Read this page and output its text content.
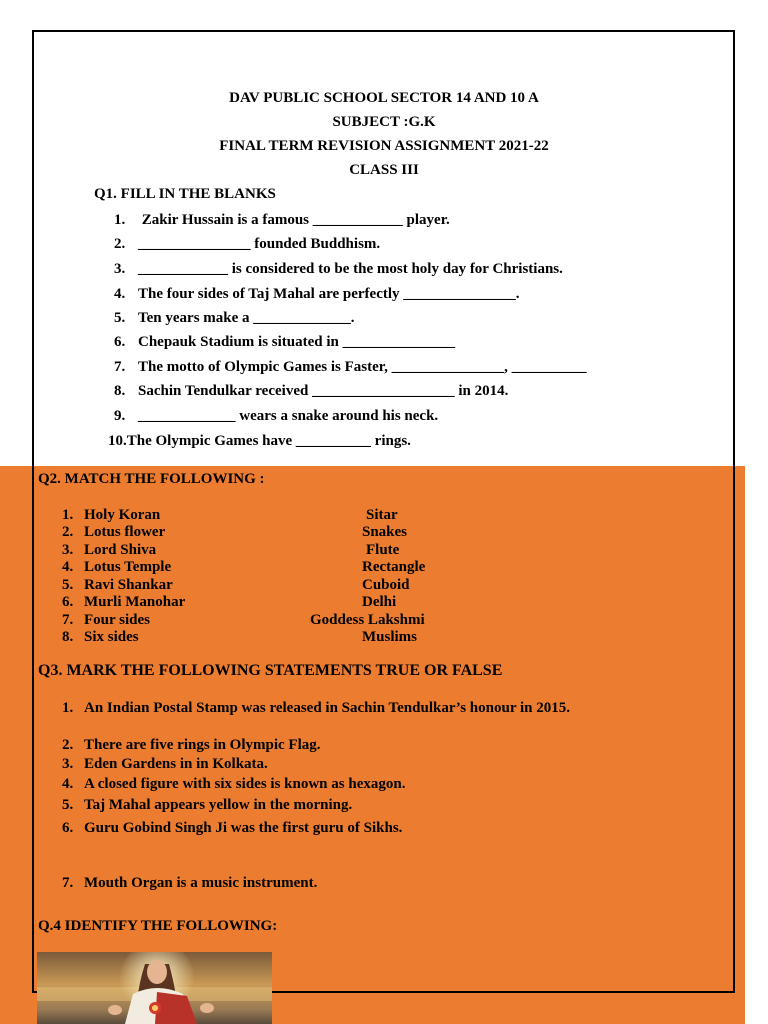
DAV PUBLIC SCHOOL SECTOR 14 AND 10 A
SUBJECT :G.K
FINAL TERM REVISION ASSIGNMENT 2021-22
CLASS III
Q1. FILL IN THE BLANKS
1. Zakir Hussain is a famous ____________ player.
2. _______________ founded Buddhism.
3. ____________ is considered to be the most holy day for Christians.
4. The four sides of Taj Mahal are perfectly _______________.
5. Ten years make a _____________.
6. Chepauk Stadium is situated in _______________
7. The motto of Olympic Games is Faster, _______________, __________
8. Sachin Tendulkar received ___________________ in 2014.
9. _____________ wears a snake around his neck.
10.The Olympic Games have __________ rings.
Q2. MATCH THE FOLLOWING :
1. Holy Koran	Sitar
2. Lotus flower	Snakes
3. Lord Shiva	Flute
4. Lotus Temple	Rectangle
5. Ravi Shankar	Cuboid
6. Murli Manohar	Delhi
7. Four sides	Goddess Lakshmi
8. Six sides	Muslims
Q3. MARK THE FOLLOWING STATEMENTS TRUE OR FALSE
1. An Indian Postal Stamp was released in Sachin Tendulkar’s honour in 2015.
2. There are five rings in Olympic Flag.
3. Eden Gardens in in Kolkata.
4. A closed figure with six sides is known as hexagon.
5. Taj Mahal appears yellow in the morning.
6. Guru Gobind Singh Ji was the first guru of Sikhs.
7. Mouth Organ is a music instrument.
Q.4 IDENTIFY THE FOLLOWING:
